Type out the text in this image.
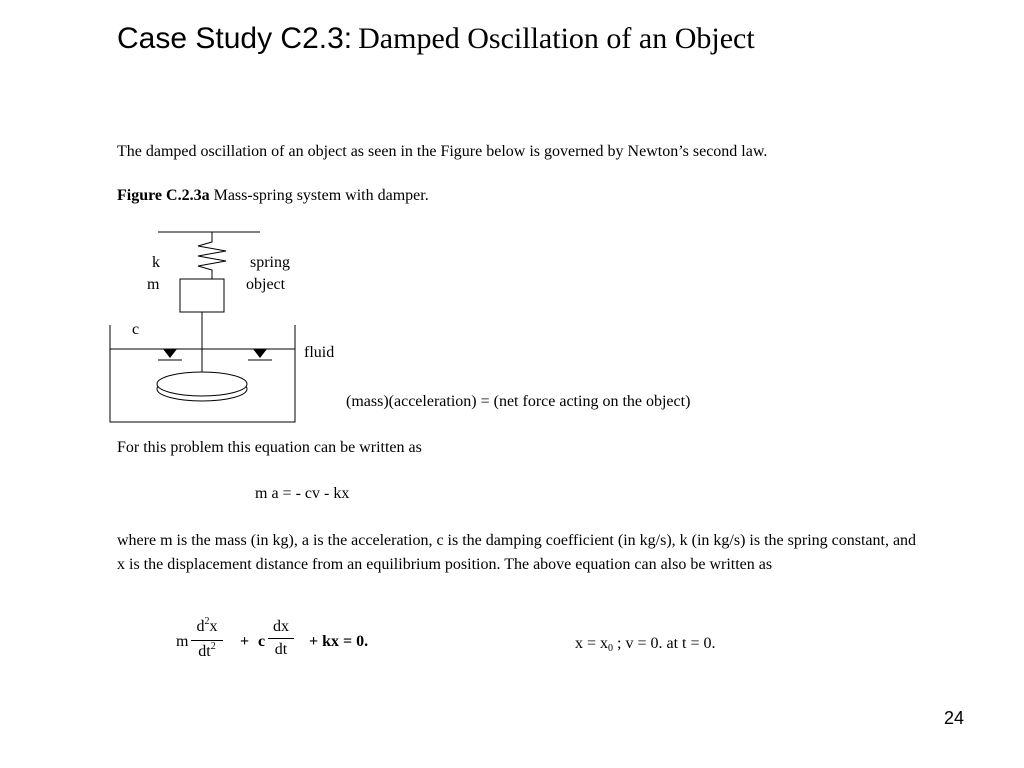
Case Study C2.3: Damped Oscillation of an Object
The damped oscillation of an object as seen in the Figure below is governed by Newton’s second law.
Figure C.2.3a Mass-spring system with damper.
k	spring
m	object
c
fluid
(mass)(acceleration) = (net force acting on the object)
For this problem this equation can be written as
m a = - cv - kx
where m is the mass (in kg), a is the acceleration, c is the damping coefficient (in kg/s), k (in kg/s) is the spring constant, and x is the displacement distance from an equilibrium position. The above equation can also be written as
m
$d^2x$
$dt^2$	+ c
dx
dt	+ kx = 0.	x = x0 ; v = 0. at t = 0.
24
